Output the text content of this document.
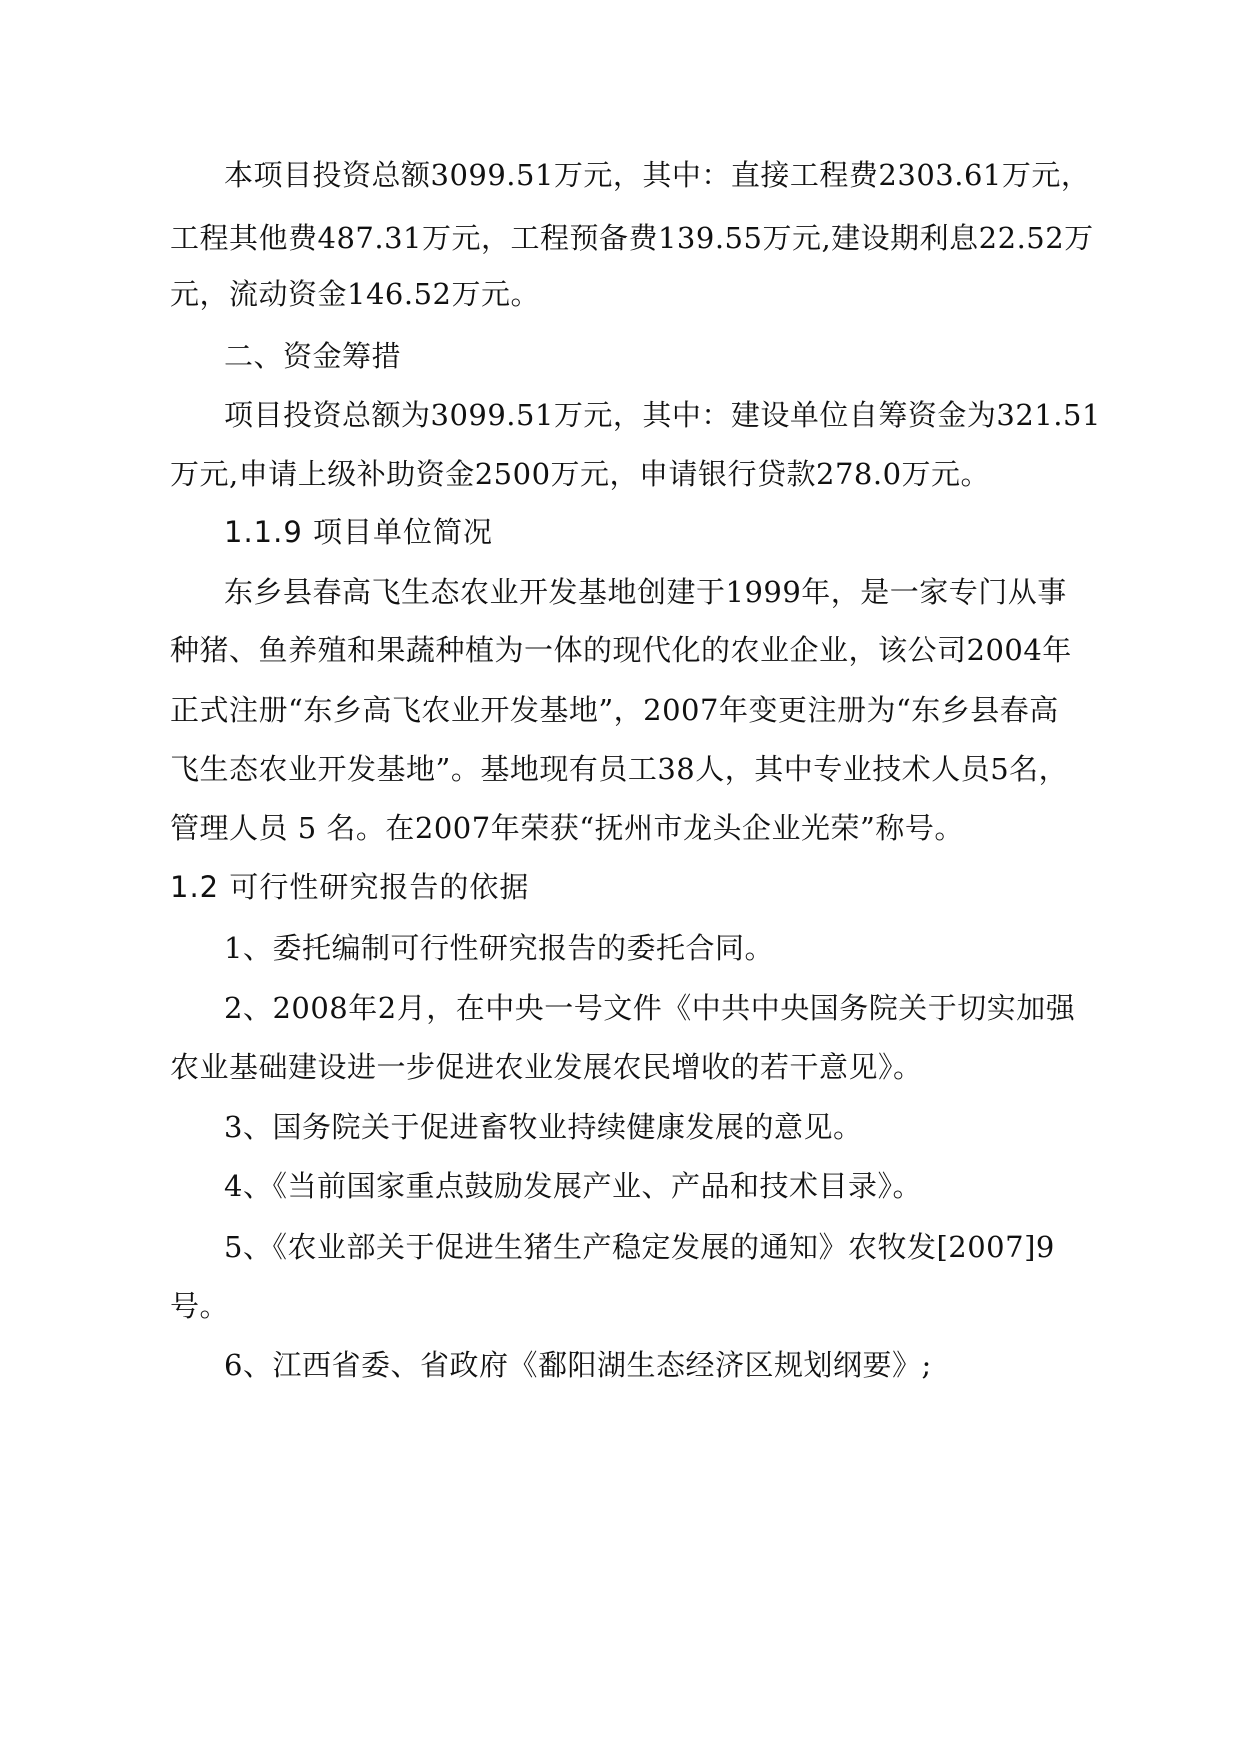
本项目投资总额3099.51万元，其中：直接工程费2303.61万元，
工程其他费487.31万元，工程预备费139.55万元,建设期利息22.52万
元，流动资金146.52万元。
二、资金筹措
项目投资总额为3099.51万元，其中：建设单位自筹资金为321.51
万元,申请上级补助资金2500万元，申请银行贷款278.0万元。
1.1.9 项目单位简况
东乡县春高飞生态农业开发基地创建于1999年，是一家专门从事
种猪、鱼养殖和果蔬种植为一体的现代化的农业企业，该公司2004年
正式注册“东乡高飞农业开发基地”，2007年变更注册为“东乡县春高
飞生态农业开发基地”。基地现有员工38人，其中专业技术人员5名，
管理人员 5 名。在2007年荣获“抚州市龙头企业光荣”称号。
1.2 可行性研究报告的依据
1、委托编制可行性研究报告的委托合同。
2、2008年2月，在中央一号文件《中共中央国务院关于切实加强
农业基础建设进一步促进农业发展农民增收的若干意见》。
3、国务院关于促进畜牧业持续健康发展的意见。
4、《当前国家重点鼓励发展产业、产品和技术目录》。
5、《农业部关于促进生猪生产稳定发展的通知》农牧发[2007]9
号。
6、江西省委、省政府《鄱阳湖生态经济区规划纲要》;
